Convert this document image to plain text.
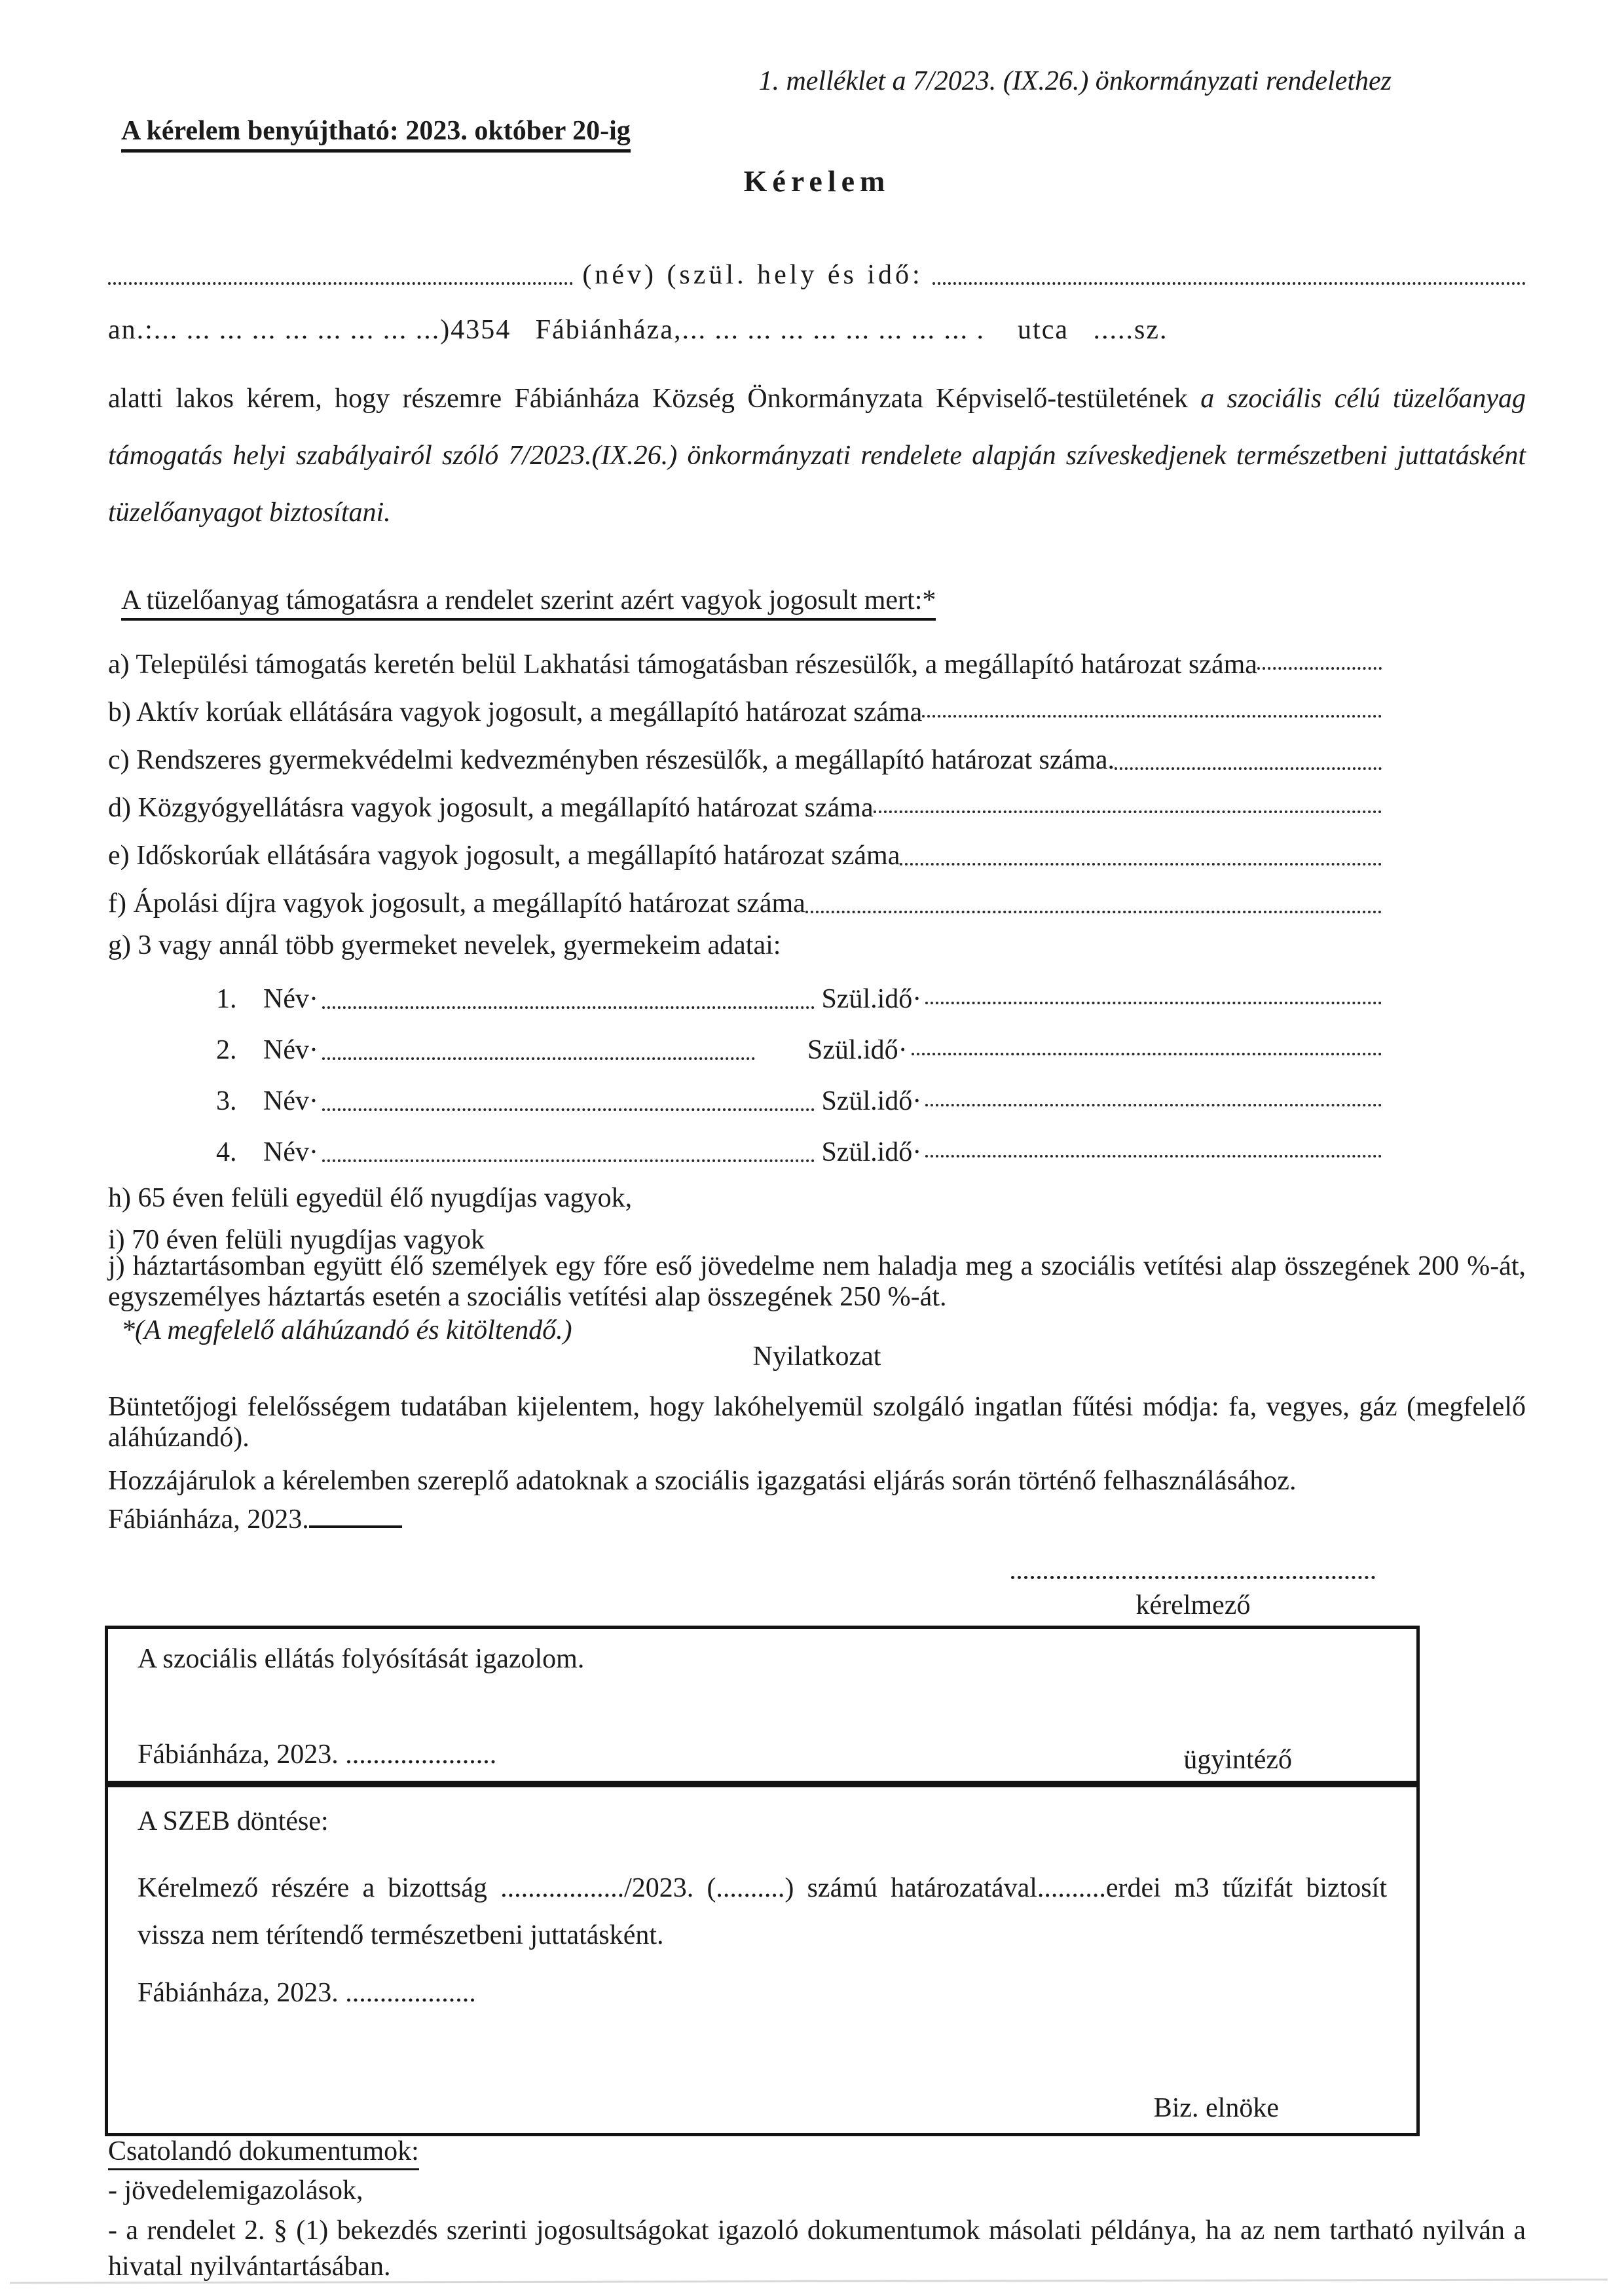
1. melléklet a 7/2023. (IX.26.) önkormányzati rendelethez
A kérelem benyújtható: 2023. október 20-ig
Kérelem
(név) (szül. hely és idő:
an.:... ... ... ... ... ... ... ... ...)4354   Fábiánháza,... ... ... ... ... ... ... ... ... .    utca   .....sz.
alatti lakos kérem, hogy részemre Fábiánháza Község Önkormányzata Képviselő-testületének a szociális célú tüzelőanyag támogatás helyi szabályairól szóló 7/2023.(IX.26.) önkormányzati rendelete alapján szíveskedjenek természetbeni juttatásként tüzelőanyagot biztosítani.
A tüzelőanyag támogatásra a rendelet szerint azért vagyok jogosult mert:*
a) Települési támogatás keretén belül Lakhatási támogatásban részesülők, a megállapító határozat száma
b) Aktív korúak ellátására vagyok jogosult, a megállapító határozat száma
c) Rendszeres gyermekvédelmi kedvezményben részesülők, a megállapító határozat száma.
d) Közgyógyellátásra vagyok jogosult, a megállapító határozat száma
e) Időskorúak ellátására vagyok jogosult, a megállapító határozat száma
f) Ápolási díjra vagyok jogosult, a megállapító határozat száma
g) 3 vagy annál több gyermeket nevelek, gyermekeim adatai:
1. Név·	Szül.idő·
2. Név·	Szül.idő·
3. Név·	Szül.idő·
4. Név·	Szül.idő·
h) 65 éven felüli egyedül élő nyugdíjas vagyok,
i) 70 éven felüli nyugdíjas vagyok
j) háztartásomban együtt élő személyek egy főre eső jövedelme nem haladja meg a szociális vetítési alap összegének 200 %-át, egyszemélyes háztartás esetén a szociális vetítési alap összegének 250 %-át.
*(A megfelelő aláhúzandó és kitöltendő.)
Nyilatkozat
Büntetőjogi felelősségem tudatában kijelentem, hogy lakóhelyemül szolgáló ingatlan fűtési módja: fa, vegyes, gáz (megfelelő aláhúzandó).
Hozzájárulok a kérelemben szereplő adatoknak a szociális igazgatási eljárás során történő felhasználásához.
Fábiánháza, 2023.
kérelmező
A szociális ellátás folyósítását igazolom.
Fábiánháza, 2023. ......................	ügyintéző
A SZEB döntése:
Kérelmező részére a bizottság ................../2023. (..........) számú határozatával..........erdei m3 tűzifát biztosít vissza nem térítendő természetbeni juttatásként.
Fábiánháza, 2023. ...................
Biz. elnöke
Csatolandó dokumentumok:
- jövedelemigazolások,
- a rendelet 2. § (1) bekezdés szerinti jogosultságokat igazoló dokumentumok másolati példánya, ha az nem tartható nyilván a hivatal nyilvántartásában.
